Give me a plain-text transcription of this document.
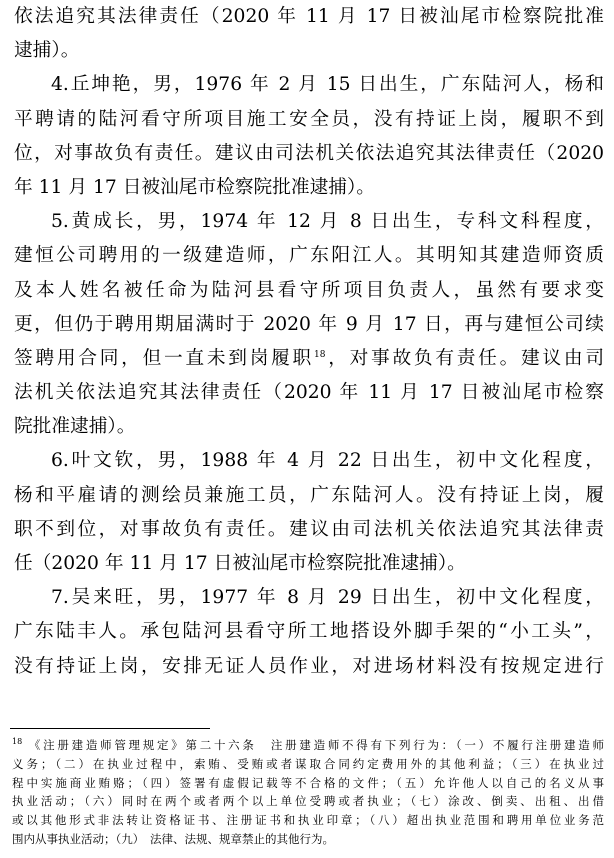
依法追究其法律责任（2020 年 11 月 17 日被汕尾市检察院批准
逮捕）。
4.丘坤艳，男，1976 年 2 月 15 日出生，广东陆河人，杨和
平聘请的陆河看守所项目施工安全员，没有持证上岗，履职不到
位，对事故负有责任。建议由司法机关依法追究其法律责任（2020
年 11 月 17 日被汕尾市检察院批准逮捕）。
5.黄成长，男，1974 年 12 月 8 日出生，专科文科程度，
建恒公司聘用的一级建造师，广东阳江人。其明知其建造师资质
及本人姓名被任命为陆河县看守所项目负责人，虽然有要求变
更，但仍于聘用期届满时于 2020 年 9 月 17 日，再与建恒公司续
签聘用合同，但一直未到岗履职$^{18}$，对事故负有责任。建议由司
法机关依法追究其法律责任（2020 年 11 月 17 日被汕尾市检察
院批准逮捕）。
6.叶文钦，男，1988 年 4 月 22 日出生，初中文化程度，
杨和平雇请的测绘员兼施工员，广东陆河人。没有持证上岗，履
职不到位，对事故负有责任。建议由司法机关依法追究其法律责
任（2020 年 11 月 17 日被汕尾市检察院批准逮捕）。
7.吴来旺，男，1977 年 8 月 29 日出生，初中文化程度，
广东陆丰人。承包陆河县看守所工地搭设外脚手架的“小工头”，
没有持证上岗，安排无证人员作业，对进场材料没有按规定进行
$^{18}$ 《注册建造师管理规定》第二十六条　注册建造师不得有下列行为：（一）不履行注册建造师
义务；（二）在执业过程中，索贿、受贿或者谋取合同约定费用外的其他利益；（三）在执业过
程中实施商业贿赂；（四）签署有虚假记载等不合格的文件；（五）允许他人以自己的名义从事
执业活动；（六）同时在两个或者两个以上单位受聘或者执业；（七）涂改、倒卖、出租、出借
或以其他形式非法转让资格证书、注册证书和执业印章；（八）超出执业范围和聘用单位业务范
围内从事执业活动；（九）　法律、法规、规章禁止的其他行为。
